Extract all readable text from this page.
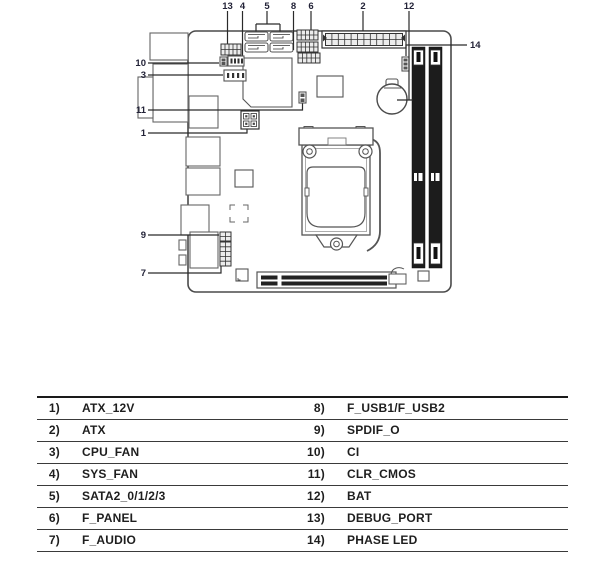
13 4 5 8 6	2	12
10
3
11
1
9
7
14
1)	ATX_12V	8)	F_USB1/F_USB2
2)	ATX	9)	SPDIF_O
3)	CPU_FAN	10)	CI
4)	SYS_FAN	11)	CLR_CMOS
5)	SATA2_0/1/2/3	12)	BAT
6)	F_PANEL	13)	DEBUG_PORT
7)	F_AUDIO	14)	PHASE LED
